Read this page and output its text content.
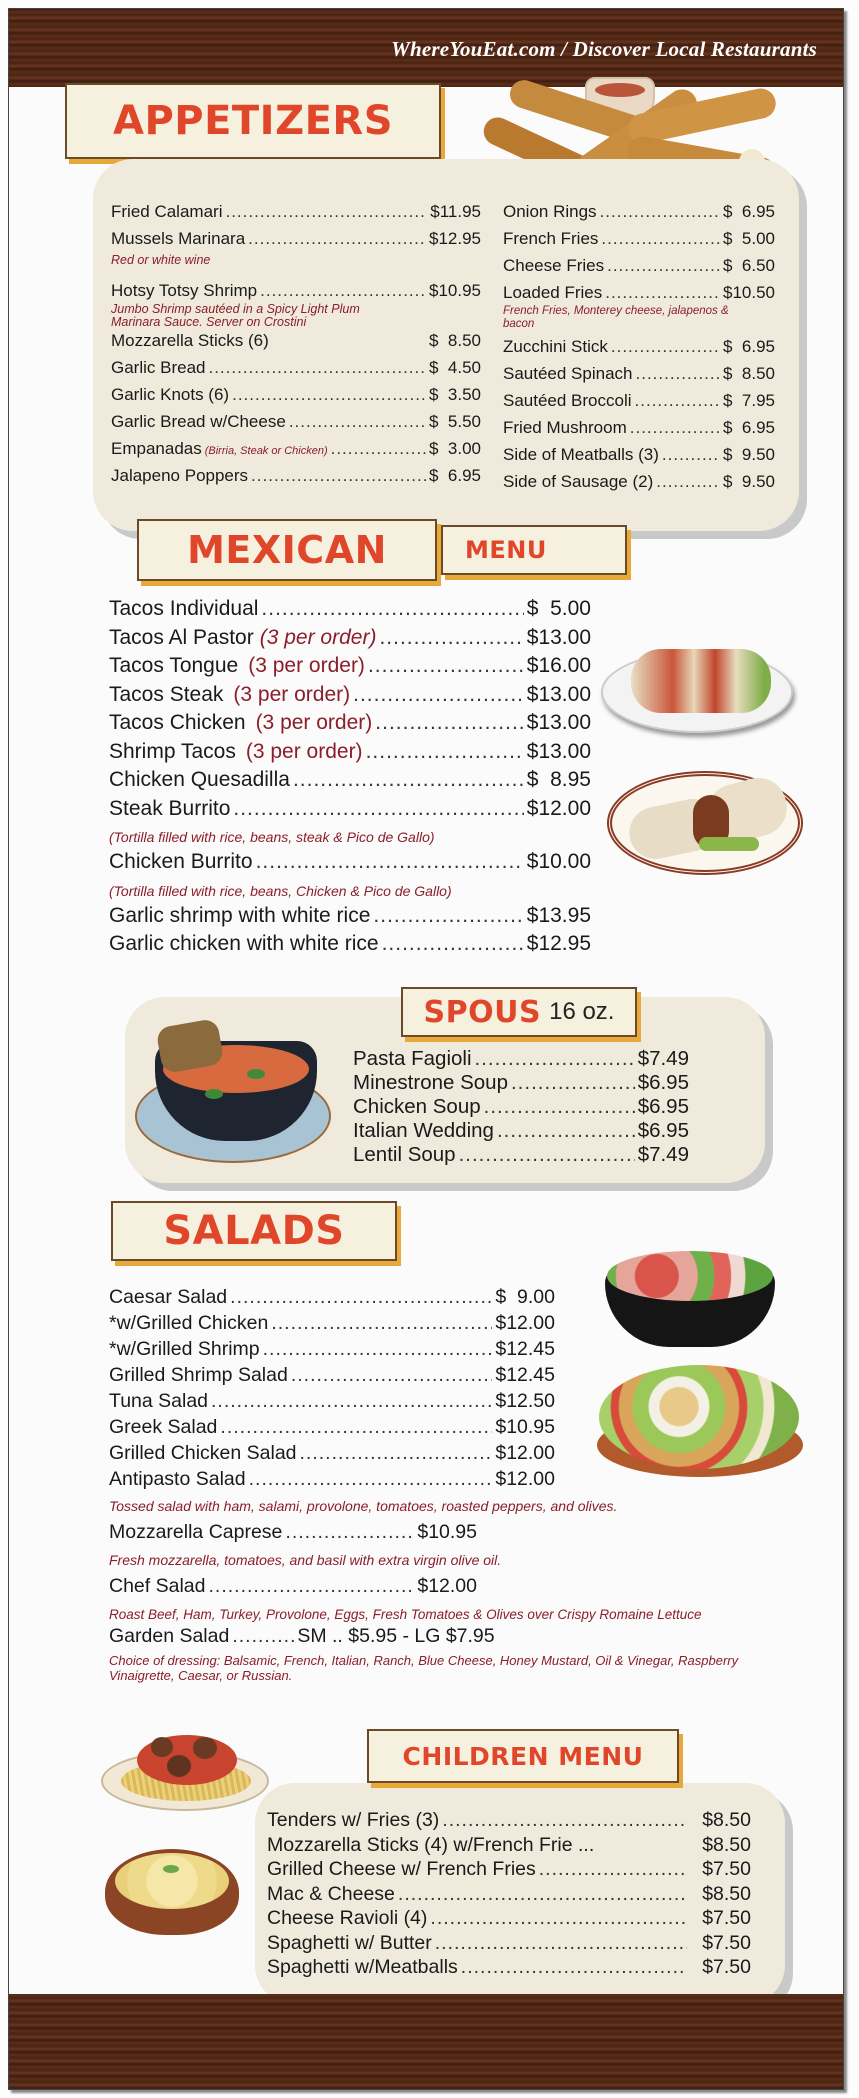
WhereYouEat.com / Discover Local Restaurants
APPETIZERS
Fried Calamari .....	$11.95
Mussels Marinara .....	$12.95
Red or white wine
Hotsy Totsy Shrimp .....	$10.95
Jumbo Shrimp sautéed in a Spicy Light Plum Marinara Sauce. Server on Crostini
Mozzarella Sticks (6)	$  8.50
Garlic Bread .....	$  4.50
Garlic Knots (6) .....	$  3.50
Garlic Bread w/Cheese .....	$  5.50
Empanadas (Birria, Steak or Chicken) .....	$  3.00
Jalapeno Poppers .....	$  6.95
Onion Rings .....	$  6.95
French Fries .....	$  5.00
Cheese Fries .....	$  6.50
Loaded Fries .....	$10.50
French Fries, Monterey cheese, jalapenos & bacon
Zucchini Stick .....	$  6.95
Sautéed Spinach .....	$  8.50
Sautéed Broccoli .....	$  7.95
Fried Mushroom .....	$  6.95
Side of Meatballs (3) .....	$  9.50
Side of Sausage (2) .....	$  9.50
MEXICAN	MENU
Tacos Individual .....	$  5.00
Tacos Al Pastor (3 per order) .....	$13.00
Tacos Tongue (3 per order) .....	$16.00
Tacos Steak (3 per order) .....	$13.00
Tacos Chicken (3 per order) .....	$13.00
Shrimp Tacos (3 per order) .....	$13.00
Chicken Quesadilla .....	$  8.95
Steak Burrito .....	$12.00
(Tortilla filled with rice, beans, steak & Pico de Gallo)
Chicken Burrito .....	$10.00
(Tortilla filled with rice, beans, Chicken & Pico de Gallo)
Garlic shrimp with white rice .....	$13.95
Garlic chicken with white rice .....	$12.95
SPOUS 16 oz.
Pasta Fagioli .....	$7.49
Minestrone Soup .....	$6.95
Chicken Soup .....	$6.95
Italian Wedding .....	$6.95
Lentil Soup .....	$7.49
SALADS
Caesar Salad .....	$  9.00
*w/Grilled Chicken .....	$12.00
*w/Grilled Shrimp .....	$12.45
Grilled Shrimp Salad .....	$12.45
Tuna Salad .....	$12.50
Greek Salad .....	$10.95
Grilled Chicken Salad .....	$12.00
Antipasto Salad .....	$12.00
Tossed salad with ham, salami, provolone, tomatoes, roasted peppers, and olives.
Mozzarella Caprese .....	$10.95
Fresh mozzarella, tomatoes, and basil with extra virgin olive oil.
Chef Salad .....	$12.00
Roast Beef, Ham, Turkey, Provolone, Eggs, Fresh Tomatoes & Olives over Crispy Romaine Lettuce
Garden Salad .....	SM .. $5.95 - LG $7.95
Choice of dressing: Balsamic, French, Italian, Ranch, Blue Cheese, Honey Mustard, Oil & Vinegar, Raspberry Vinaigrette, Caesar, or Russian.
CHILDREN MENU
Tenders w/ Fries (3) .....	$8.50
Mozzarella Sticks (4) w/French Frie ...	$8.50
Grilled Cheese w/ French Fries .....	$7.50
Mac & Cheese .....	$8.50
Cheese Ravioli (4) .....	$7.50
Spaghetti w/ Butter .....	$7.50
Spaghetti w/Meatballs .....	$7.50
